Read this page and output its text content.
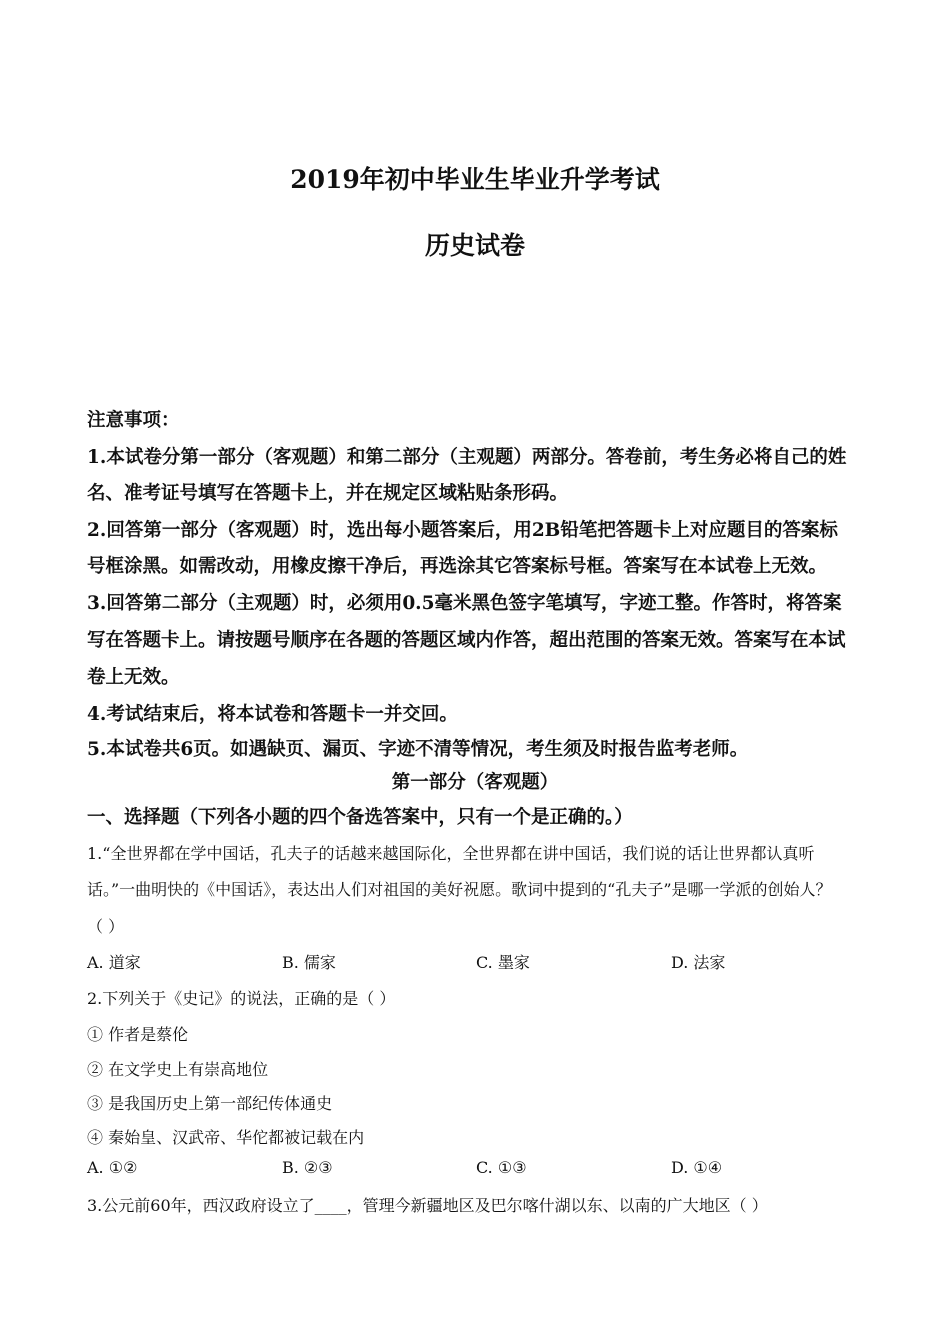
2019年初中毕业生毕业升学考试
历史试卷
注意事项：
1.本试卷分第一部分（客观题）和第二部分（主观题）两部分。答卷前，考生务必将自己的姓
名、准考证号填写在答题卡上，并在规定区域粘贴条形码。
2.回答第一部分（客观题）时，选出每小题答案后，用2B铅笔把答题卡上对应题目的答案标
号框涂黑。如需改动，用橡皮擦干净后，再选涂其它答案标号框。答案写在本试卷上无效。
3.回答第二部分（主观题）时，必须用0.5毫米黑色签字笔填写，字迹工整。作答时，将答案
写在答题卡上。请按题号顺序在各题的答题区域内作答，超出范围的答案无效。答案写在本试
卷上无效。
4.考试结束后，将本试卷和答题卡一并交回。
5.本试卷共6页。如遇缺页、漏页、字迹不清等情况，考生须及时报告监考老师。
第一部分（客观题）
一、选择题（下列各小题的四个备选答案中，只有一个是正确的。）
1.“全世界都在学中国话，孔夫子的话越来越国际化，全世界都在讲中国话，我们说的话让世界都认真听
话。”一曲明快的《中国话》，表达出人们对祖国的美好祝愿。歌词中提到的“孔夫子”是哪一学派的创始人？
（ ）
A. 道家	B. 儒家	C. 墨家	D. 法家
2.下列关于《史记》的说法，正确的是（ ）
① 作者是蔡伦
② 在文学史上有崇高地位
③ 是我国历史上第一部纪传体通史
④ 秦始皇、汉武帝、华佗都被记载在内
A. ①②	B. ②③	C. ①③	D. ①④
3.公元前60年，西汉政府设立了____，管理今新疆地区及巴尔喀什湖以东、以南的广大地区（ ）
